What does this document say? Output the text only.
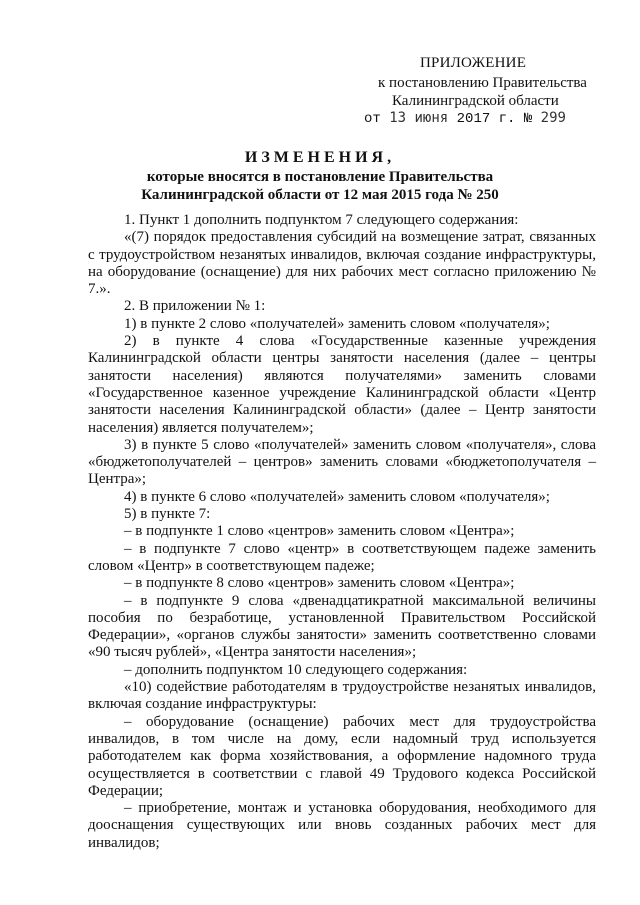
ПРИЛОЖЕНИЕ
к постановлению Правительства
Калининградской области
от 13 июня 2017 г. № 299
ИЗМЕНЕНИЯ,
которые вносятся в постановление Правительства
Калининградской области от 12 мая 2015 года № 250

1. Пункт 1 дополнить подпунктом 7 следующего содержания:

«(7) порядок предоставления субсидий на возмещение затрат, связанных с трудоустройством незанятых инвалидов, включая создание инфраструктуры, на оборудование (оснащение) для них рабочих мест согласно приложению № 7.».

2. В приложении № 1:

1) в пункте 2 слово «получателей» заменить словом «получателя»;

2) в пункте 4 слова «Государственные казенные учреждения Калининградской области центры занятости населения (далее – центры занятости населения) являются получателями» заменить словами «Государственное казенное учреждение Калининградской области «Центр занятости населения Калининградской области» (далее – Центр занятости населения) является получателем»;

3) в пункте 5 слово «получателей» заменить словом «получателя», слова «бюджетополучателей – центров» заменить словами «бюджетополучателя – Центра»;

4) в пункте 6 слово «получателей» заменить словом «получателя»;

5) в пункте 7:

– в подпункте 1 слово «центров» заменить словом «Центра»;

– в подпункте 7 слово «центр» в соответствующем падеже заменить словом «Центр» в соответствующем падеже;

– в подпункте 8 слово «центров» заменить словом «Центра»;

– в подпункте 9 слова «двенадцатикратной максимальной величины пособия по безработице, установленной Правительством Российской Федерации», «органов службы занятости» заменить соответственно словами «90 тысяч рублей», «Центра занятости населения»;

– дополнить подпунктом 10 следующего содержания:

«10) содействие работодателям в трудоустройстве незанятых инвалидов, включая создание инфраструктуры:

– оборудование (оснащение) рабочих мест для трудоустройства инвалидов, в том числе на дому, если надомный труд используется работодателем как форма хозяйствования, а оформление надомного труда осуществляется в соответствии с главой 49 Трудового кодекса Российской Федерации;

– приобретение, монтаж и установка оборудования, необходимого для дооснащения существующих или вновь созданных рабочих мест для инвалидов;
